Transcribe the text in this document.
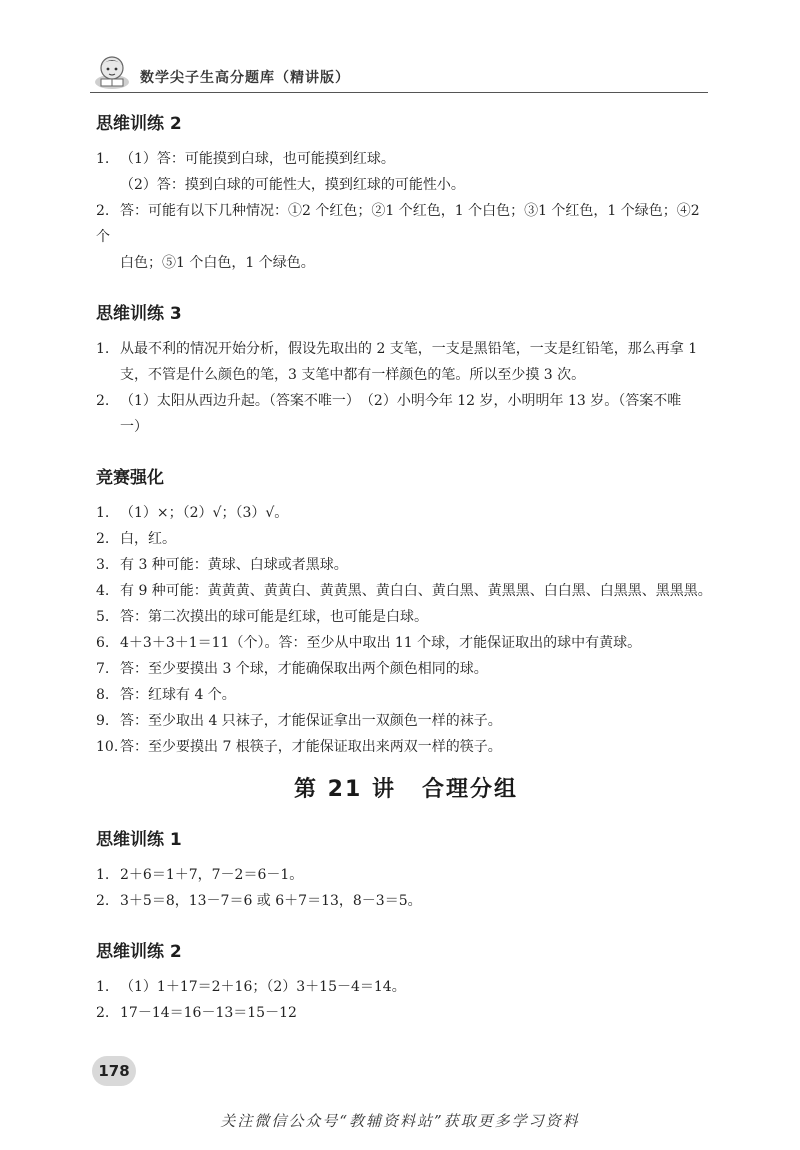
数学尖子生高分题库（精讲版）
思维训练 2
1. （1）答：可能摸到白球，也可能摸到红球。
（2）答：摸到白球的可能性大，摸到红球的可能性小。
2. 答：可能有以下几种情况：①2 个红色；②1 个红色，1 个白色；③1 个红色，1 个绿色；④2 个
白色；⑤1 个白色，1 个绿色。
思维训练 3
1. 从最不利的情况开始分析，假设先取出的 2 支笔，一支是黑铅笔，一支是红铅笔，那么再拿 1
支，不管是什么颜色的笔，3 支笔中都有一样颜色的笔。所以至少摸 3 次。
2. （1）太阳从西边升起。（答案不唯一）　（2）小明今年 12 岁，小明明年 13 岁。（答案不唯
一）
竞赛强化
1. （1）×；（2）√；（3）√。
2. 白，红。
3. 有 3 种可能：黄球、白球或者黑球。
4. 有 9 种可能：黄黄黄、黄黄白、黄黄黑、黄白白、黄白黑、黄黑黑、白白黑、白黑黑、黑黑黑。
5. 答：第二次摸出的球可能是红球，也可能是白球。
6. 4＋3＋3＋1＝11（个）。答：至少从中取出 11 个球，才能保证取出的球中有黄球。
7. 答：至少要摸出 3 个球，才能确保取出两个颜色相同的球。
8. 答：红球有 4 个。
9. 答：至少取出 4 只袜子，才能保证拿出一双颜色一样的袜子。
10. 答：至少要摸出 7 根筷子，才能保证取出来两双一样的筷子。
第 21 讲 合理分组
思维训练 1
1. 2＋6＝1＋7，7－2＝6－1。
2. 3＋5＝8，13－7＝6 或 6＋7＝13，8－3＝5。
思维训练 2
1. （1）1＋17＝2＋16；（2）3＋15－4＝14。
2. 17－14＝16－13＝15－12
178
关注微信公众号“教辅资料站”获取更多学习资料
